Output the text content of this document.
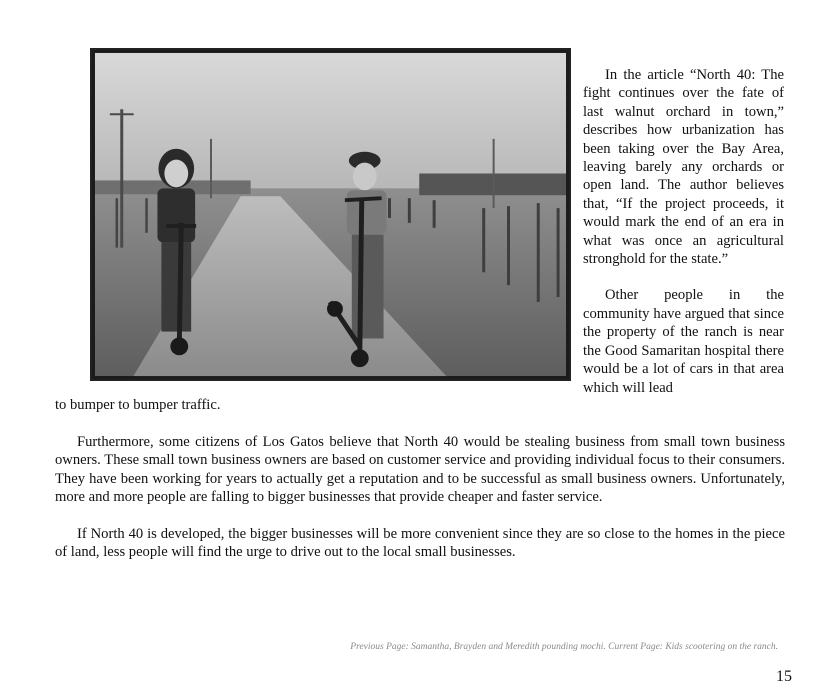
In the article “North 40: The fight continues over the fate of last walnut orchard in town,” describes how urbanization has been taking over the Bay Area, leaving barely any orchards or open land. The author believes that, “If the project proceeds, it would mark the end of an era in what was once an agricultural stronghold for the state.”

Other people in the community have argued that since the property of the ranch is near the Good Samaritan hospital there would be a lot of cars in that area which will lead

to bumper to bumper traffic.

Furthermore, some citizens of Los Gatos believe that North 40 would be stealing business from small town business owners. These small town business owners are based on customer service and providing individual focus to their consumers. They have been working for years to actually get a reputation and to be successful as small business owners. Unfortunately, more and more people are falling to bigger businesses that provide cheaper and faster service.

If North 40 is developed, the bigger businesses will be more convenient since they are so close to the homes in the piece of land, less people will find the urge to drive out to the local small businesses.

Previous Page: Samantha, Brayden and Meredith pounding mochi. Current Page: Kids scootering on the ranch.
15
